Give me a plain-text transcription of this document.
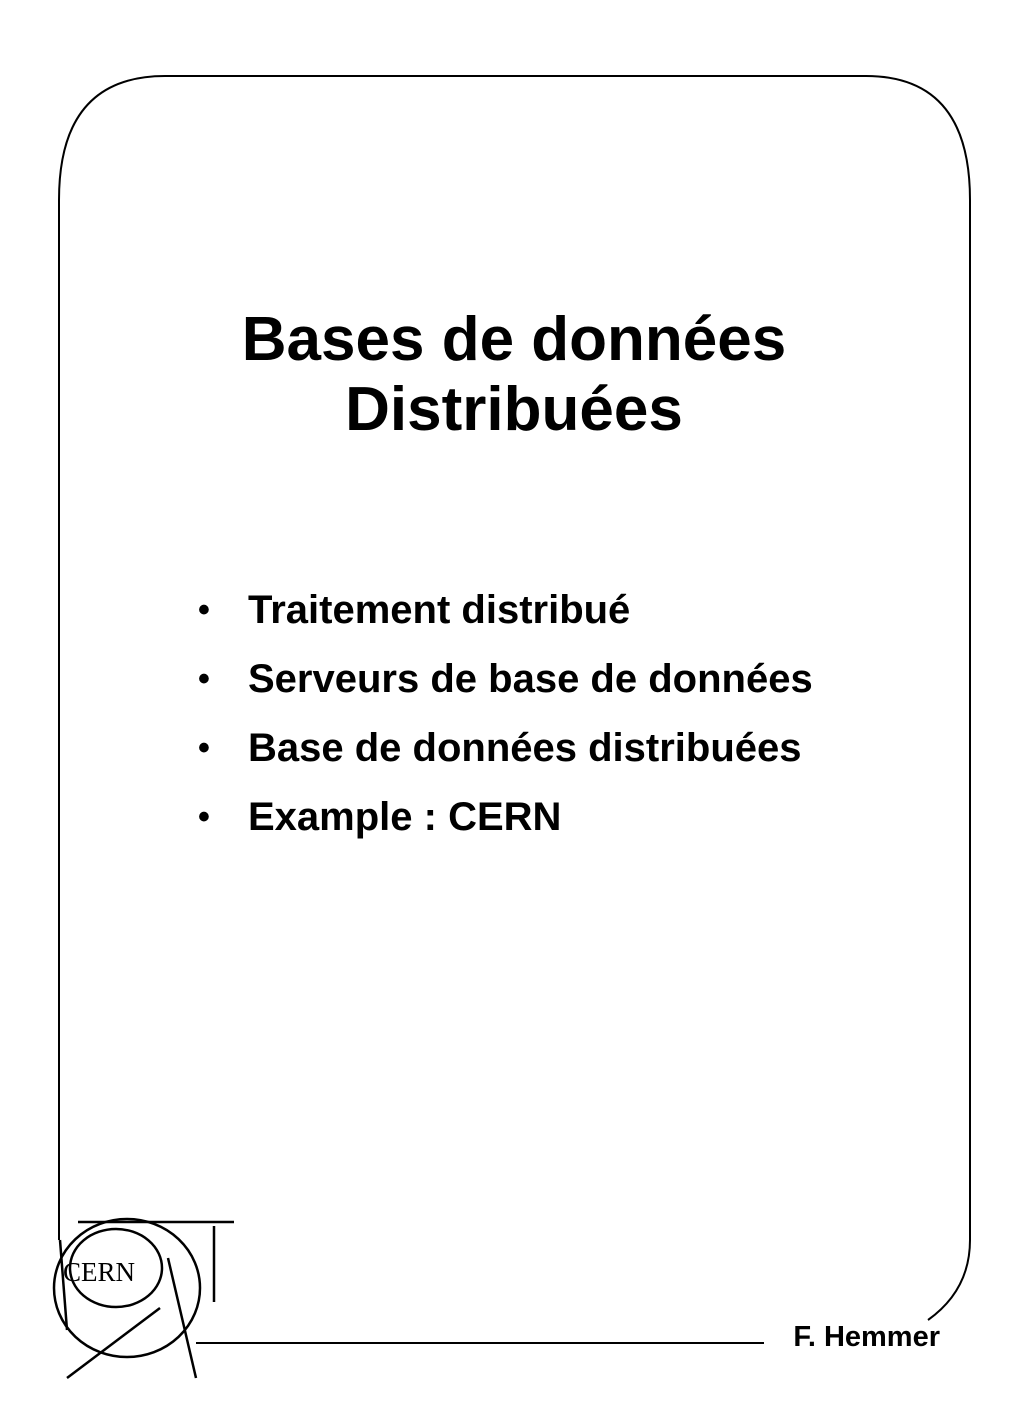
CERN
Bases de données
Distribuées
• Traitement distribué
• Serveurs de base de données
• Base de données distribuées
• Example : CERN
F. Hemmer
